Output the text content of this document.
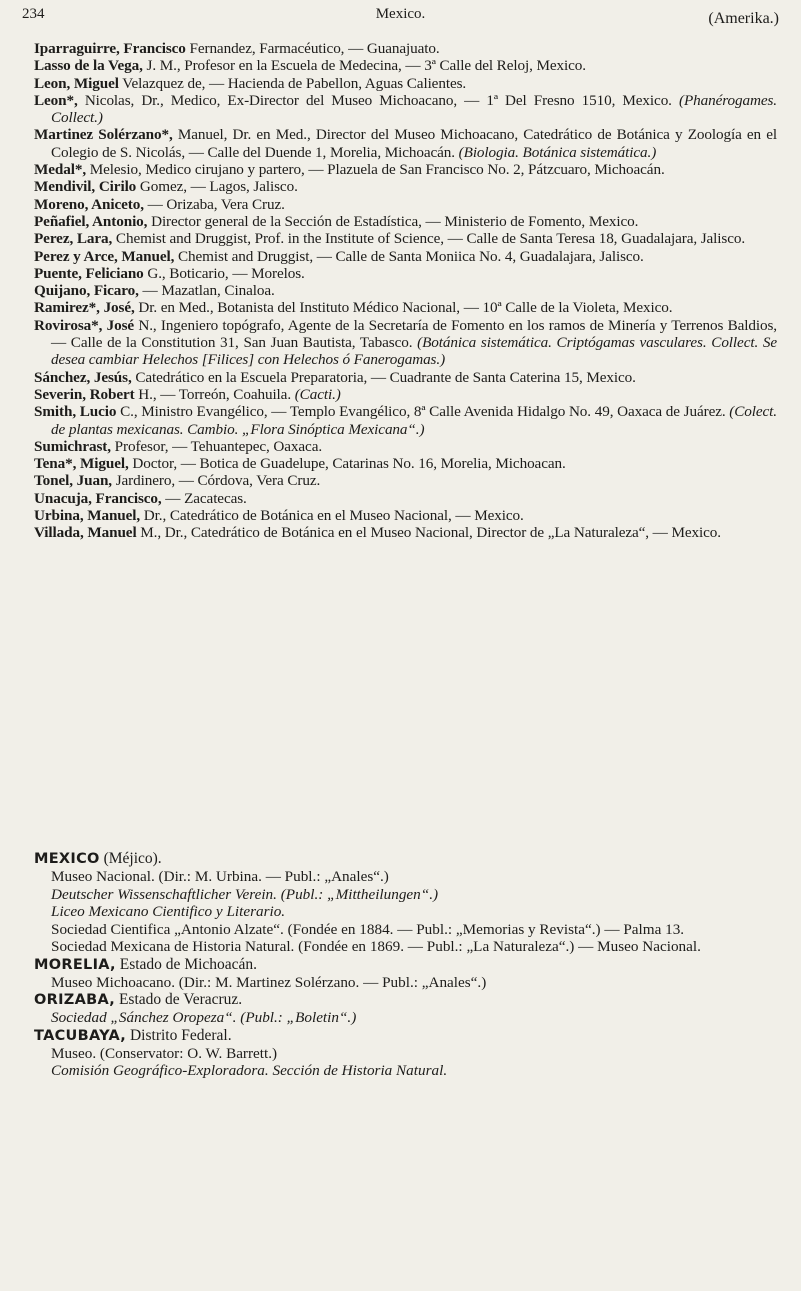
234	Mexico.	(Amerika.)
Iparraguirre, Francisco Fernandez, Farmacéutico, — Guanajuato.
Lasso de la Vega, J. M., Profesor en la Escuela de Medecina, — 3ª Calle del Reloj, Mexico.
Leon, Miguel Velazquez de, — Hacienda de Pabellon, Aguas Calientes.
Leon*, Nicolas, Dr., Medico, Ex-Director del Museo Michoacano, — 1ª Del Fresno 1510, Mexico. (Phanérogames. Collect.)
Martinez Solérzano*, Manuel, Dr. en Med., Director del Museo Michoacano, Catedrático de Botánica y Zoología en el Colegio de S. Nicolás, — Calle del Duende 1, Morelia, Michoacán. (Biologia. Botánica sistemática.)
Medal*, Melesio, Medico cirujano y partero, — Plazuela de San Francisco No. 2, Pátzcuaro, Michoacán.
Mendivil, Cirilo Gomez, — Lagos, Jalisco.
Moreno, Aniceto, — Orizaba, Vera Cruz.
Peñafiel, Antonio, Director general de la Sección de Estadística, — Ministerio de Fomento, Mexico.
Perez, Lara, Chemist and Druggist, Prof. in the Institute of Science, — Calle de Santa Teresa 18, Guadalajara, Jalisco.
Perez y Arce, Manuel, Chemist and Druggist, — Calle de Santa Moniica No. 4, Guadalajara, Jalisco.
Puente, Feliciano G., Boticario, — Morelos.
Quijano, Ficaro, — Mazatlan, Cinaloa.
Ramirez*, José, Dr. en Med., Botanista del Instituto Médico Nacional, — 10ª Calle de la Violeta, Mexico.
Rovirosa*, José N., Ingeniero topógrafo, Agente de la Secretaría de Fomento en los ramos de Minería y Terrenos Baldios, — Calle de la Constitution 31, San Juan Bautista, Tabasco. (Botánica sistemática. Criptógamas vasculares. Collect. Se desea cambiar Helechos [Filices] con Helechos ó Fanerogamas.)
Sánchez, Jesús, Catedrático en la Escuela Preparatoria, — Cuadrante de Santa Caterina 15, Mexico.
Severin, Robert H., — Torreón, Coahuila. (Cacti.)
Smith, Lucio C., Ministro Evangélico, — Templo Evangélico, 8ª Calle Avenida Hidalgo No. 49, Oaxaca de Juárez. (Colect. de plantas mexicanas. Cambio. „Flora Sinóptica Mexicana“.)
Sumichrast, Profesor, — Tehuantepec, Oaxaca.
Tena*, Miguel, Doctor, — Botica de Guadelupe, Catarinas No. 16, Morelia, Michoacan.
Tonel, Juan, Jardinero, — Córdova, Vera Cruz.
Unacuja, Francisco, — Zacatecas.
Urbina, Manuel, Dr., Catedrático de Botánica en el Museo Nacional, — Mexico.
Villada, Manuel M., Dr., Catedrático de Botánica en el Museo Nacional, Director de „La Naturaleza“, — Mexico.
MEXICO (Méjico).
Museo Nacional. (Dir.: M. Urbina. — Publ.: „Anales“.)
Deutscher Wissenschaftlicher Verein. (Publ.: „Mittheilungen“.)
Liceo Mexicano Cientifico y Literario.
Sociedad Cientifica „Antonio Alzate“. (Fondée en 1884. — Publ.: „Memorias y Revista“.) — Palma 13.
Sociedad Mexicana de Historia Natural. (Fondée en 1869. — Publ.: „La Naturaleza“.) — Museo Nacional.
MORELIA, Estado de Michoacán.
Museo Michoacano. (Dir.: M. Martinez Solérzano. — Publ.: „Anales“.)
ORIZABA, Estado de Veracruz.
Sociedad „Sánchez Oropeza“. (Publ.: „Boletin“.)
TACUBAYA, Distrito Federal.
Museo. (Conservator: O. W. Barrett.)
Comisión Geográfico-Exploradora. Sección de Historia Natural.
